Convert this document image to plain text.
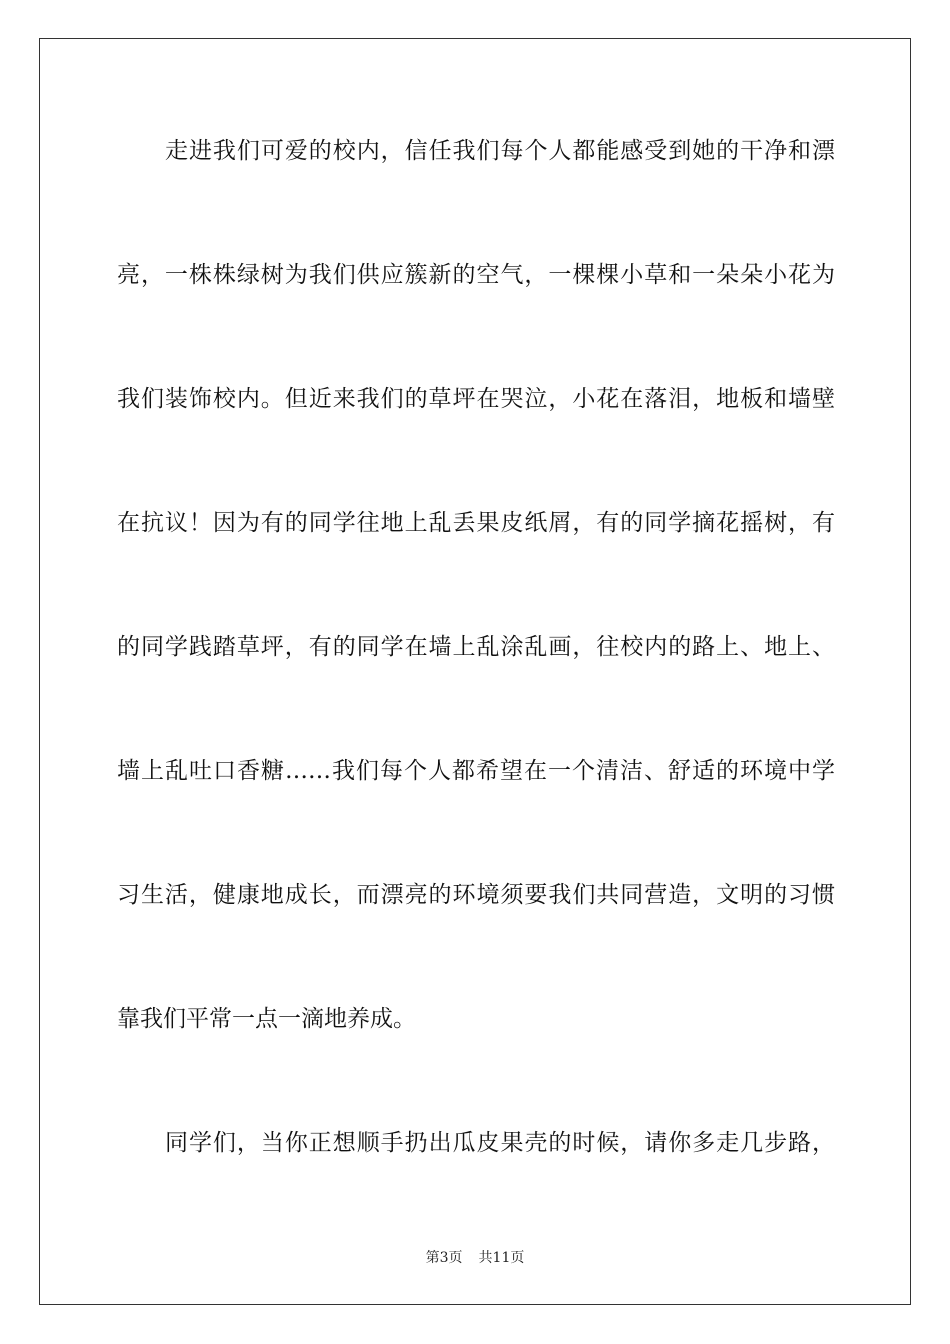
走进我们可爱的校内，信任我们每个人都能感受到她的干净和漂
亮，一株株绿树为我们供应簇新的空气，一棵棵小草和一朵朵小花为
我们装饰校内。但近来我们的草坪在哭泣，小花在落泪，地板和墙壁
在抗议！因为有的同学往地上乱丢果皮纸屑，有的同学摘花摇树，有
的同学践踏草坪，有的同学在墙上乱涂乱画，往校内的路上、地上、
墙上乱吐口香糖……我们每个人都希望在一个清洁、舒适的环境中学
习生活，健康地成长，而漂亮的环境须要我们共同营造，文明的习惯
靠我们平常一点一滴地养成。
同学们，当你正想顺手扔出瓜皮果壳的时候，请你多走几步路，
第3页 共11页
